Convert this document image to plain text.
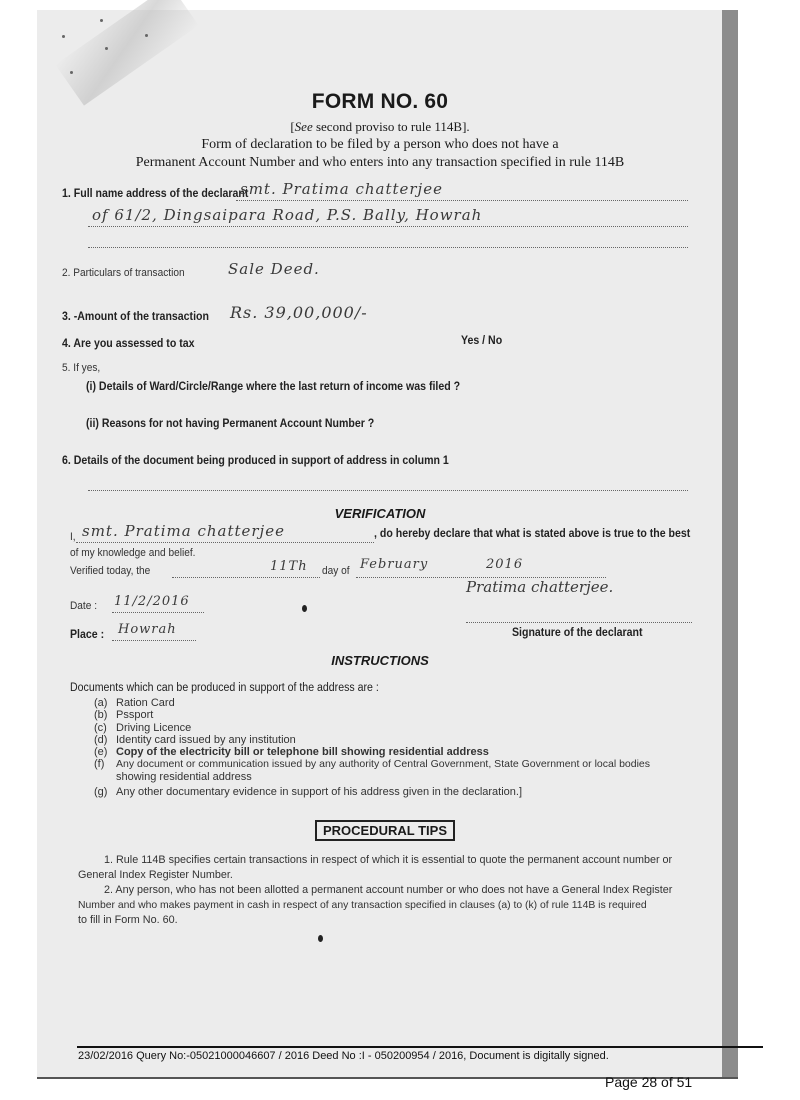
FORM NO. 60
[See second proviso to rule 114B].
Form of declaration to be filed by a person who does not have a
Permanent Account Number and who enters into any transaction specified in rule 114B
1. Full name address of the declarant
smt. Pratima chatterjee
of 61/2, Dingsaipara Road, P.S. Bally, Howrah
2. Particulars of transaction	Sale Deed.
3. -Amount of the transaction Rs. 39,00,000/-
4. Are you assessed to tax	Yes / No
5. If yes,
(i) Details of Ward/Circle/Range where the last return of income was filed ?
(ii) Reasons for not having Permanent Account Number ?
6. Details of the document being produced in support of address in column 1
VERIFICATION
I, smt. Pratima chatterjee	, do hereby declare that what is stated above is true to the best
of my knowledge and belief.
Verified today, the	11Th day of February	2016
Pratima chatterjee.
Date : 11/2/2016
Place : Howrah	Signature of the declarant
INSTRUCTIONS
Documents which can be produced in support of the address are :
(a) Ration Card
(b) Pssport
(c) Driving Licence
(d) Identity card issued by any institution
(e) Copy of the electricity bill or telephone bill showing residential address
(f) Any document or communication issued by any authority of Central Government, State Government or local bodies
showing residential address
(g) Any other documentary evidence in support of his address given in the declaration.]
PROCEDURAL TIPS
1. Rule 114B specifies certain transactions in respect of which it is essential to quote the permanent account number or
General Index Register Number.
2. Any person, who has not been allotted a permanent account number or who does not have a General Index Register
Number and who makes payment in cash in respect of any transaction specified in clauses (a) to (k) of rule 114B is required
to fill in Form No. 60.
23/02/2016 Query No:-05021000046607 / 2016 Deed No :I - 050200954 / 2016, Document is digitally signed.
Page 28 of 51
